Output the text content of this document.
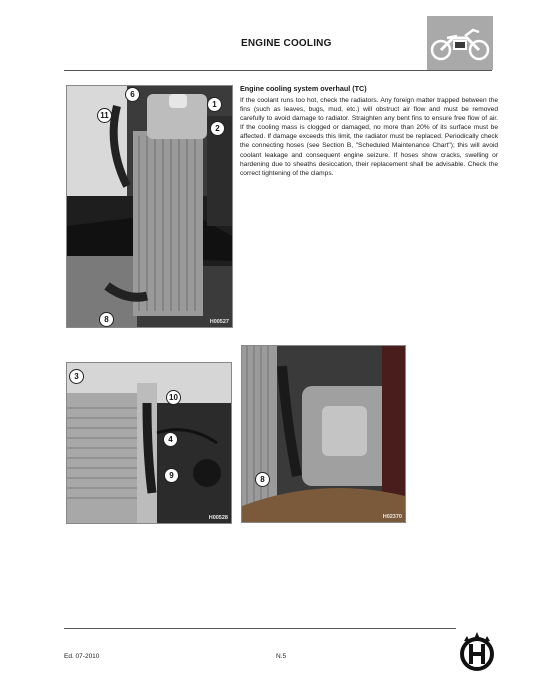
ENGINE COOLING
Engine cooling system overhaul (TC)

If the coolant runs too hot, check the radiators. Any foreign matter trapped between the fins (such as leaves, bugs, mud, etc.) will obstruct air flow and must be removed carefully to avoid damage to radiator. Straighten any bent fins to ensure free flow of air. If the cooling mass is clogged or damaged, no more than 20% of its surface must be affected. If damage exceeds this limit, the radiator must be replaced. Periodically check the connecting hoses (see Section B, "Scheduled Maintenance Chart"); this will avoid coolant leakage and consequent engine seizure. If hoses show cracks, swelling or hardening due to sheaths desiccation, their replacement shall be advisable. Check the correct tightening of the clamps.

6
1
11
2
8	H00527
3
10
4
9
H00528
8
H02370
Ed. 07-2010	N.5
